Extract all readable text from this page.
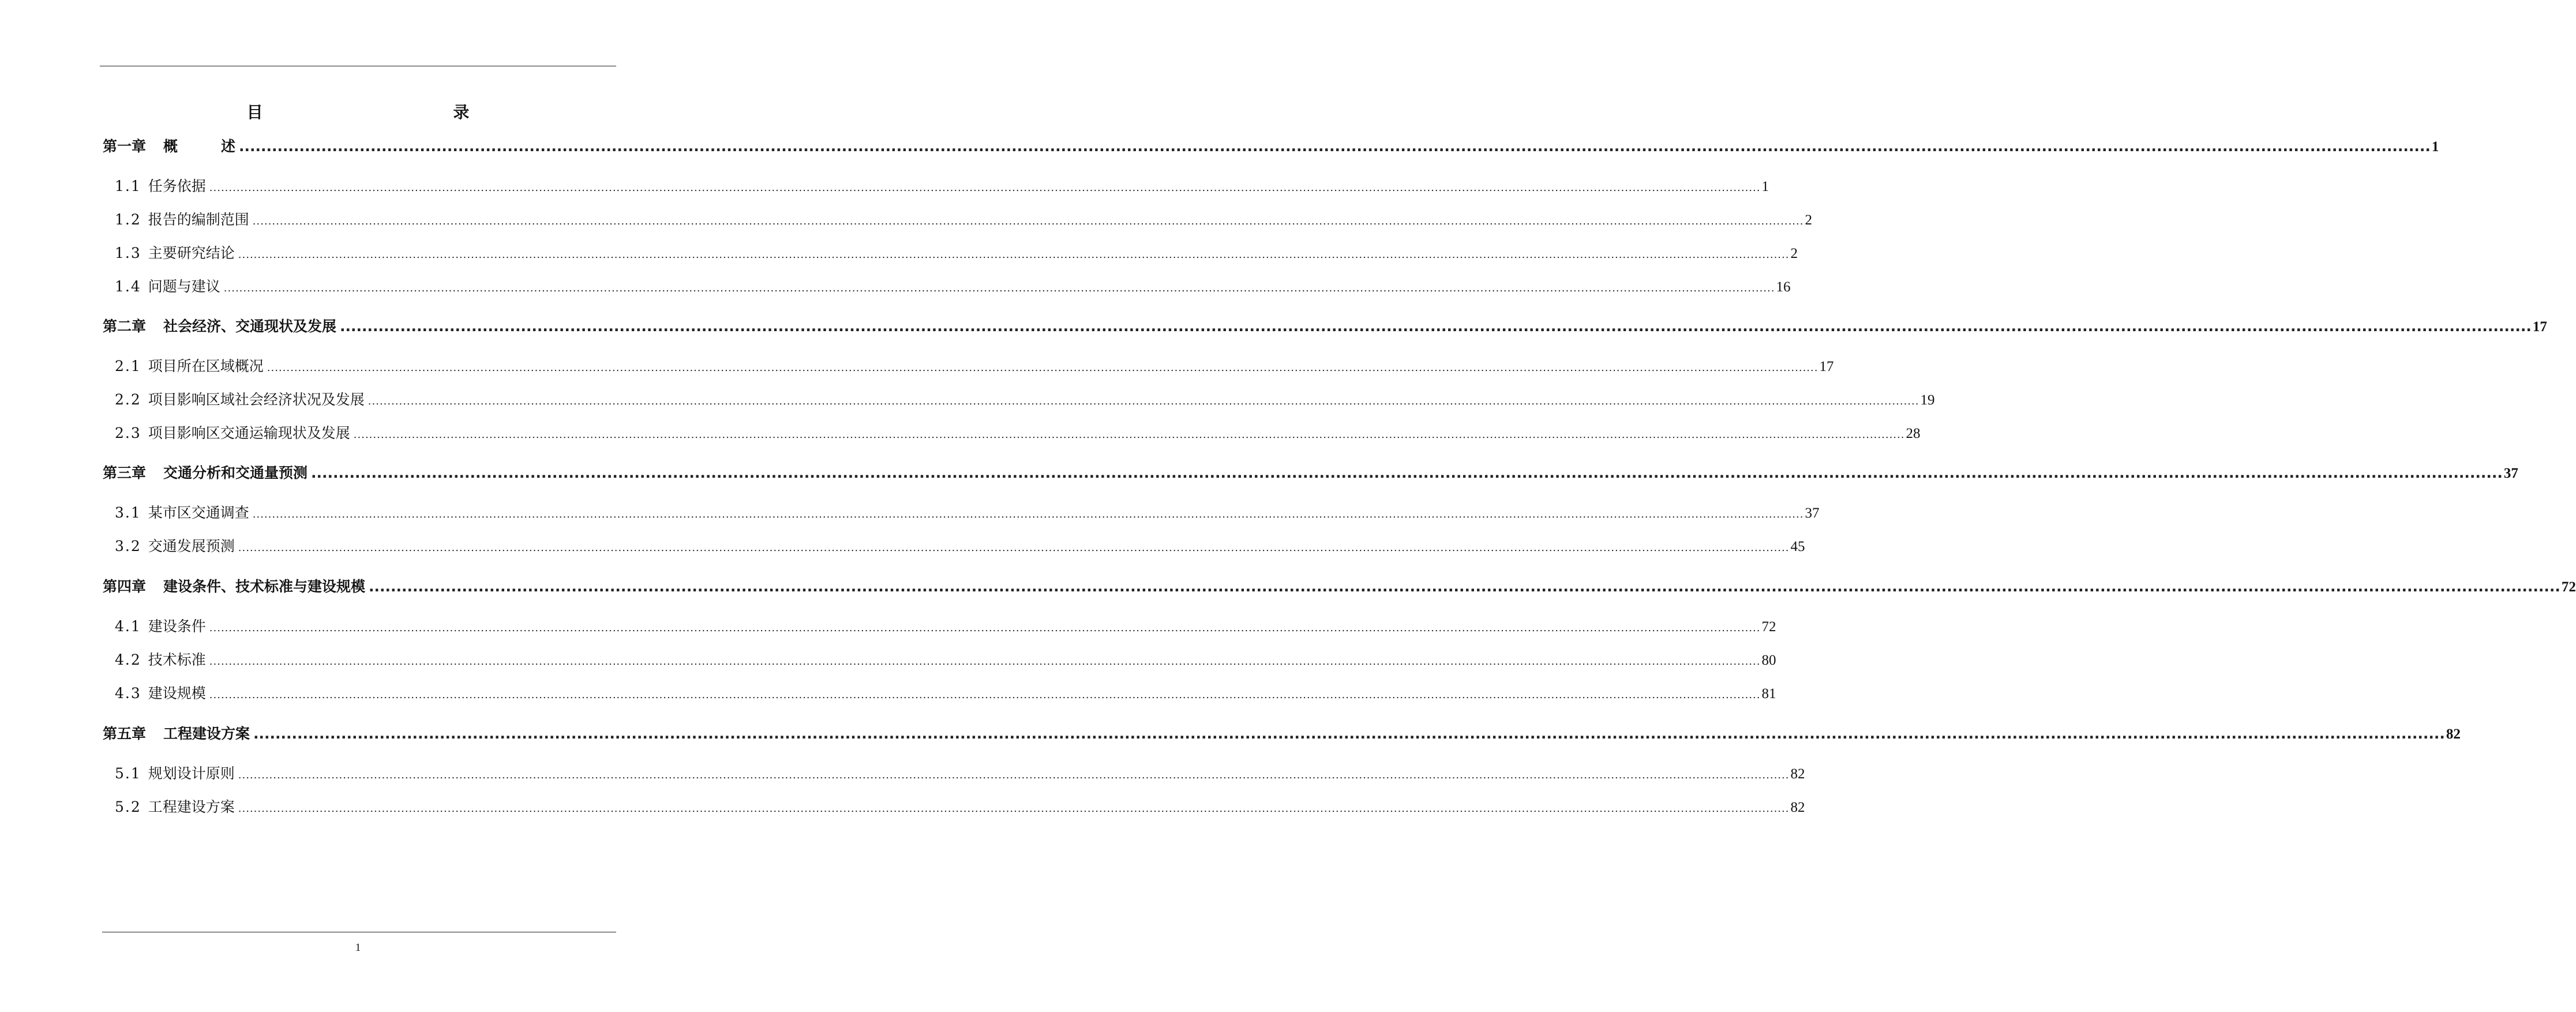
目 录
第一章 概　　　述 ................................................................................................................................................................................................................................................................................................................................................................................................................ 1
1.1 任务依据 ................................................................................................................................................................................................................................................................................................................................................................................................................ 1
1.2 报告的编制范围 ................................................................................................................................................................................................................................................................................................................................................................................................................ 2
1.3 主要研究结论 ................................................................................................................................................................................................................................................................................................................................................................................................................ 2
1.4 问题与建议 ................................................................................................................................................................................................................................................................................................................................................................................................................ 16
第二章 社会经济、交通现状及发展 ................................................................................................................................................................................................................................................................................................................................................................................................................ 17
2.1 项目所在区域概况 ................................................................................................................................................................................................................................................................................................................................................................................................................ 17
2.2 项目影响区域社会经济状况及发展 ................................................................................................................................................................................................................................................................................................................................................................................................................ 19
2.3 项目影响区交通运输现状及发展 ................................................................................................................................................................................................................................................................................................................................................................................................................ 28
第三章 交通分析和交通量预测 ................................................................................................................................................................................................................................................................................................................................................................................................................ 37
3.1 某市区交通调查 ................................................................................................................................................................................................................................................................................................................................................................................................................ 37
3.2 交通发展预测 ................................................................................................................................................................................................................................................................................................................................................................................................................ 45
第四章 建设条件、技术标准与建设规模 ................................................................................................................................................................................................................................................................................................................................................................................................................ 72
4.1 建设条件 ................................................................................................................................................................................................................................................................................................................................................................................................................ 72
4.2 技术标准 ................................................................................................................................................................................................................................................................................................................................................................................................................ 80
4.3 建设规模 ................................................................................................................................................................................................................................................................................................................................................................................................................ 81
第五章 工程建设方案 ................................................................................................................................................................................................................................................................................................................................................................................................................ 82
5.1 规划设计原则 ................................................................................................................................................................................................................................................................................................................................................................................................................ 82
5.2 工程建设方案 ................................................................................................................................................................................................................................................................................................................................................................................................................ 82
1
